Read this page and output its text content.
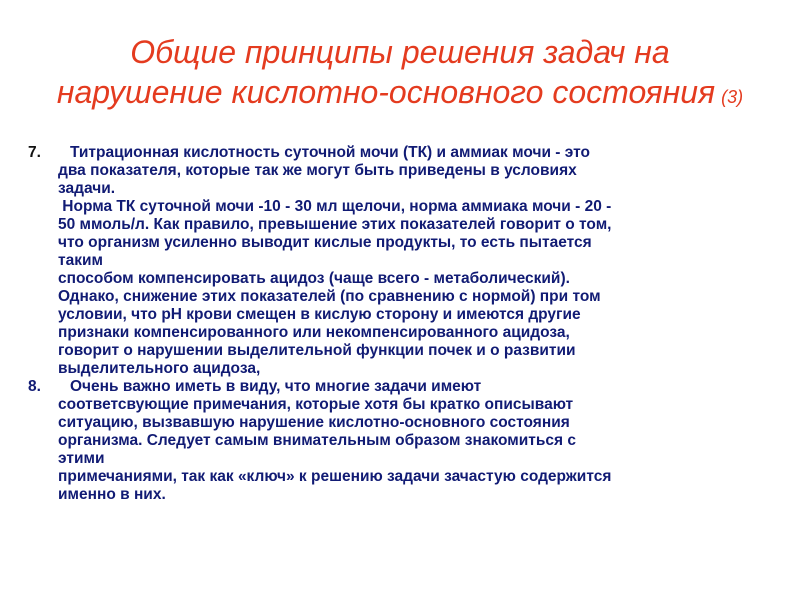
Общие принципы решения задач на
нарушение кислотно-основного состояния (3)
7.	Титрационная кислотность суточной мочи (ТК) и аммиак мочи - это
два показателя, которые так же могут быть приведены в условиях
задачи.
Норма ТК суточной мочи -10 - 30 мл щелочи, норма аммиака мочи - 20 -
50 ммоль/л. Как правило, превышение этих показателей говорит о том,
что организм усиленно выводит кислые продукты, то есть пытается
таким
способом компенсировать ацидоз (чаще всего - метаболический).
Однако, снижение этих показателей (по сравнению с нормой) при том
условии, что рН крови смещен в кислую сторону и имеются другие
признаки компенсированного или некомпенсированного ацидоза,
говорит о нарушении выделительной функции почек и о развитии
выделительного ацидоза,
8.	Очень важно иметь в виду, что многие задачи имеют
соответсвующие примечания, которые хотя бы кратко описывают
ситуацию, вызвавшую нарушение кислотно-основного состояния
организма. Следует самым внимательным образом знакомиться с
этими
примечаниями, так как «ключ» к решению задачи зачастую содержится
именно в них.
